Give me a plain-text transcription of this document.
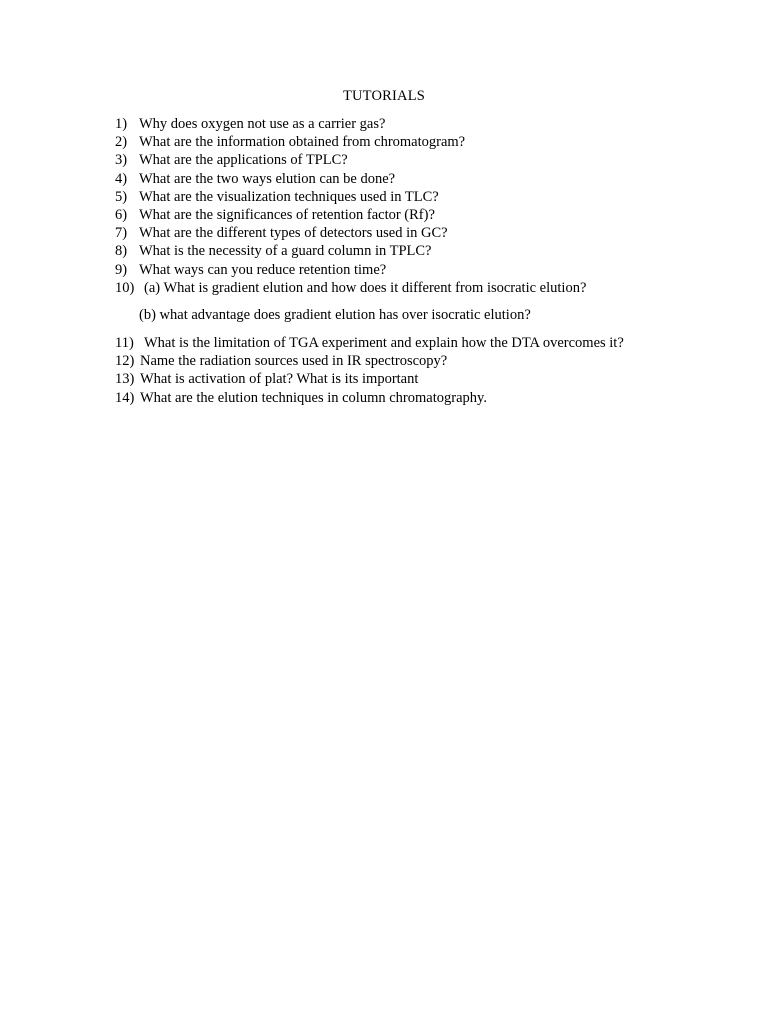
TUTORIALS
1) Why does oxygen not use as a carrier gas?
2) What are the information obtained from chromatogram?
3) What are the applications of TPLC?
4) What are the two ways elution can be done?
5) What are the visualization techniques used in TLC?
6) What are the significances of retention factor (Rf)?
7) What are the different types of detectors used in GC?
8) What is the necessity of a guard column in TPLC?
9) What ways can you reduce retention time?
10) (a) What is gradient elution and how does it different from isocratic elution?
(b) what advantage does gradient elution has over isocratic elution?
11) What is the limitation of TGA experiment and explain how the DTA overcomes it?
12) Name the radiation sources used in IR spectroscopy?
13) What is activation of plat? What is its important
14) What are the elution techniques in column chromatography.
